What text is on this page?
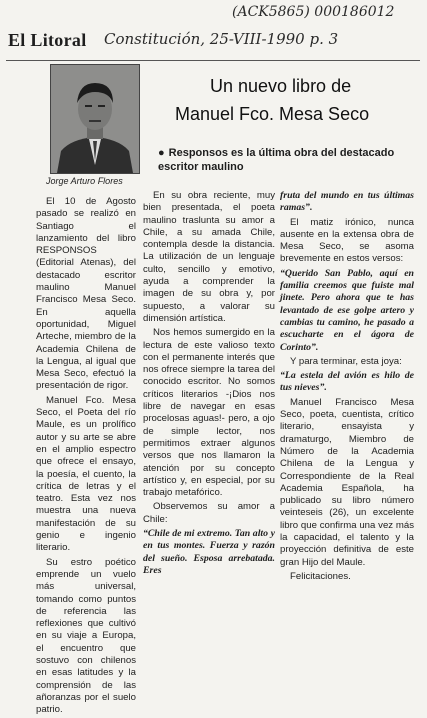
(ACK5865) 000186012
El Litoral Constitución, 25-VIII-1990 p. 3
Jorge Arturo Flores
Un nuevo libro de
Manuel Fco. Mesa Seco
● Responsos es la última obra del destacado escritor maulino

El 10 de Agosto pasado se realizó en Santiago el lanzamiento del libro RESPONSOS (Editorial Atenas), del destacado escritor maulino Manuel Francisco Mesa Seco. En aquella oportunidad, Miguel Arteche, miembro de la Academia Chilena de la Lengua, al igual que Mesa Seco, efectuó la presentación de rigor.

Manuel Fco. Mesa Seco, el Poeta del río Maule, es un prolífico autor y su arte se abre en el amplio espectro que ofrece el ensayo, la poesía, el cuento, la crítica de letras y el teatro. Esta vez nos muestra una nueva manifestación de su genio e ingenio literario.

Su estro poético emprende un vuelo más universal, tomando como puntos de referencia las reflexiones que cultivó en su viaje a Europa, el encuentro que sostuvo con chilenos en esas latitudes y la comprensión de las añoranzas por el suelo patrio.

En su obra reciente, muy bien presentada, el poeta maulino traslunta su amor a Chile, a su amada Chile, contempla desde la distancia. La utilización de un lenguaje culto, sencillo y emotivo, ayuda a comprender la imagen de su obra y, por supuesto, a valorar su dimensión artística.

Nos hemos sumergido en la lectura de este valioso texto con el permanente interés que nos ofrece siempre la tarea del conocido escritor. No somos críticos literarios -¡Dios nos libre de navegar en esas procelosas aguas!- pero, a ojo de simple lector, nos permitimos extraer algunos versos que nos llamaron la atención por su concepto artístico y, en especial, por su trabajo metafórico.

Observemos su amor a Chile:

“Chile de mi extremo. Tan alto y en tus montes. Fuerza y razón del sueño. Esposa arrebatada. Eres

fruta del mundo en tus últimas ramas”.

El matiz irónico, nunca ausente en la extensa obra de Mesa Seco, se asoma brevemente en estos versos:

“Querido San Pablo, aquí en familia creemos que fuiste mal jinete. Pero ahora que te has levantado de ese golpe artero y cambias tu camino, he pasado a escucharte en el ágora de Corinto”.

Y para terminar, esta joya:

“La estela del avión es hilo de tus nieves”.

Manuel Francisco Mesa Seco, poeta, cuentista, crítico literario, ensayista y dramaturgo, Miembro de Número de la Academia Chilena de la Lengua y Correspondiente de la Real Academia Española, ha publicado su libro número veinteseis (26), un excelente libro que confirma una vez más la capacidad, el talento y la proyección definitiva de este gran Hijo del Maule.

Felicitaciones.
